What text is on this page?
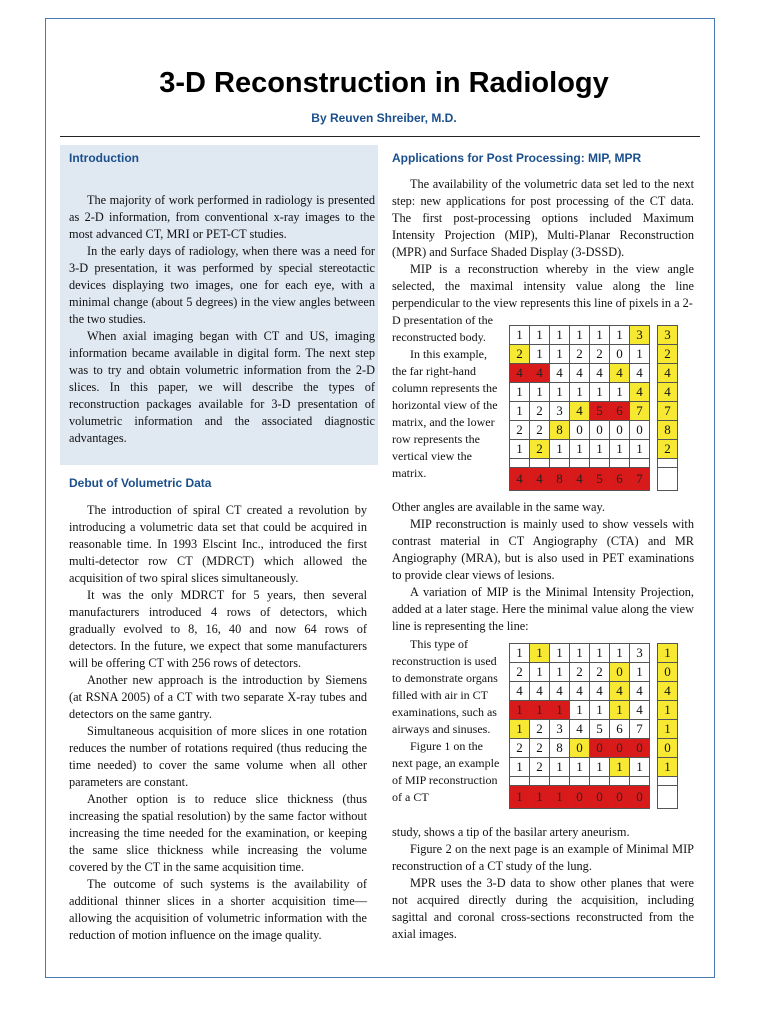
3-D Reconstruction in Radiology
By Reuven Shreiber, M.D.
Introduction

The majority of work performed in radiology is presented as 2-D information, from conventional x-ray images to the most advanced CT, MRI or PET-CT studies.

In the early days of radiology, when there was a need for 3-D presentation, it was performed by special stereotactic devices displaying two images, one for each eye, with a minimal change (about 5 degrees) in the view angles between the two studies.

When axial imaging began with CT and US, imaging information became available in digital form. The next step was to try and obtain volumetric information from the 2-D slices. In this paper, we will describe the types of reconstruction packages available for 3-D presentation of volumetric information and the associated diagnostic advantages.

Debut of Volumetric Data

The introduction of spiral CT created a revolution by introducing a volumetric data set that could be acquired in reasonable time. In 1993 Elscint Inc., introduced the first multi-detector row CT (MDRCT) which allowed the acquisition of two spiral slices simultaneously.

It was the only MDRCT for 5 years, then several manufacturers introduced 4 rows of detectors, which gradually evolved to 8, 16, 40 and now 64 rows of detectors. In the future, we expect that some manufacturers will be offering CT with 256 rows of detectors.

Another new approach is the introduction by Siemens (at RSNA 2005) of a CT with two separate X-ray tubes and detectors on the same gantry.

Simultaneous acquisition of more slices in one rotation reduces the number of rotations required (thus reducing the time needed) to cover the same volume when all other parameters are constant.

Another option is to reduce slice thickness (thus increasing the spatial resolution) by the same factor without increasing the time needed for the examination, or keeping the same slice thickness while increasing the volume covered by the CT in the same acquisition time.

The outcome of such systems is the availability of additional thinner slices in a shorter acquisition time—allowing the acquisition of volumetric information with the reduction of motion influence on the image quality.

Applications for Post Processing: MIP, MPR

The availability of the volumetric data set led to the next step: new applications for post processing of the CT data. The first post-processing options included Maximum Intensity Projection (MIP), Multi-Planar Reconstruction (MPR) and Surface Shaded Display (3-DSSD).

MIP is a reconstruction whereby in the view angle selected, the maximal intensity value along the line perpendicular to the view represents this line of pixels in a 2-

D presentation of the reconstructed body.

In this example, the far right-hand column represents the horizontal view of the matrix, and the lower row represents the vertical view the matrix.

1	1	1	1	1	1	3		3
2	1	1	2	2	0	1		2
4	4	4	4	4	4	4		4
1	1	1	1	1	1	4		4
1	2	3	4	5	6	7		7
2	2	8	0	0	0	0		8
1	2	1	1	1	1	1		2

4	4	8	4	5	6	7		

Other angles are available in the same way.

MIP reconstruction is mainly used to show vessels with contrast material in CT Angiography (CTA) and MR Angiography (MRA), but is also used in PET examinations to provide clear views of lesions.

A variation of MIP is the Minimal Intensity Projection, added at a later stage. Here the minimal value along the view line is representing the line:

This type of reconstruction is used to demonstrate organs filled with air in CT examinations, such as airways and sinuses.

Figure 1 on the next page, an example of MIP reconstruction of a CT

1	1	1	1	1	1	3		1
2	1	1	2	2	0	1		0
4	4	4	4	4	4	4		4
1	1	1	1	1	1	4		1
1	2	3	4	5	6	7		1
2	2	8	0	0	0	0		0
1	2	1	1	1	1	1		1

1	1	1	0	0	0	0		

study, shows a tip of the basilar artery aneurism.

Figure 2 on the next page is an example of Minimal MIP reconstruction of a CT study of the lung.

MPR uses the 3-D data to show other planes that were not acquired directly during the acquisition, including sagittal and coronal cross-sections reconstructed from the axial images.
